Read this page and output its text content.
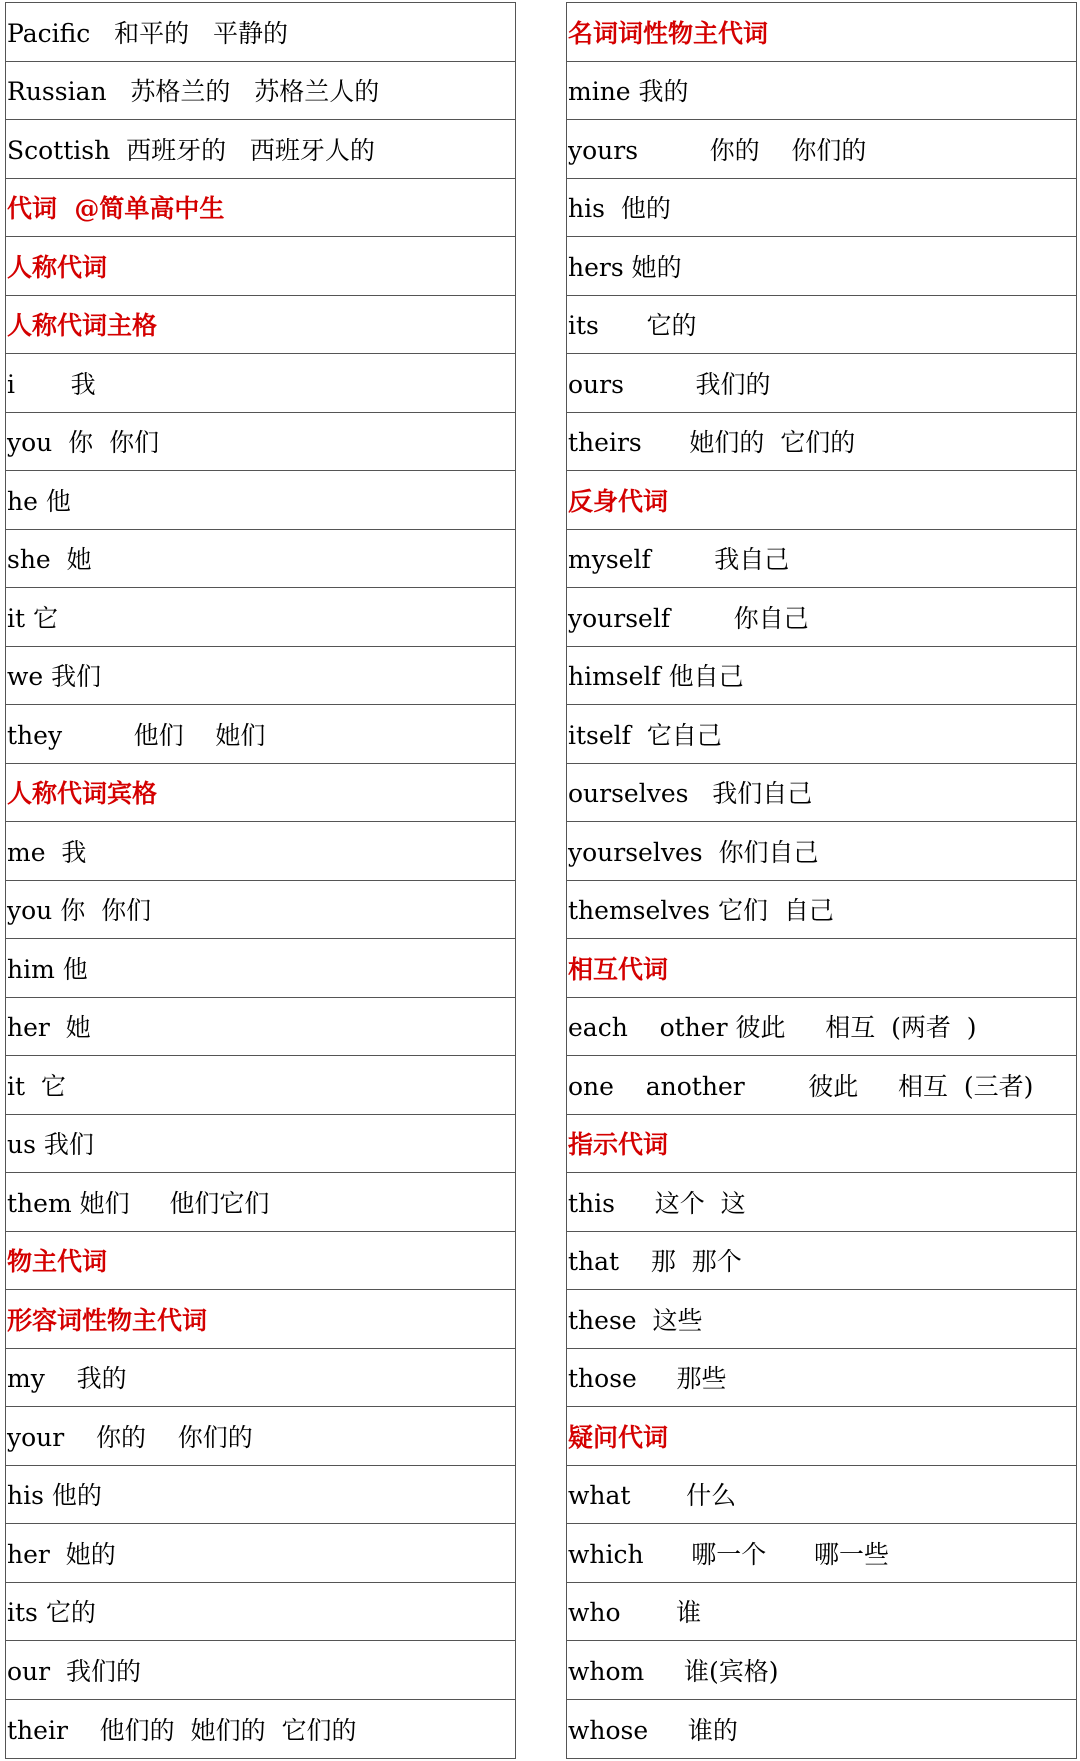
Pacific   和平的   平静的
Russian   苏格兰的   苏格兰人的
Scottish  西班牙的   西班牙人的
代词  @简单高中生
人称代词
人称代词主格
i       我
you  你  你们
he 他
she  她
it 它
we 我们
they         他们    她们
人称代词宾格
me  我
you 你  你们
him 他
her  她
it  它
us 我们
them 她们     他们它们
物主代词
形容词性物主代词
my    我的
your    你的    你们的
his 他的
her  她的
its 它的
our  我们的
their    他们的  她们的  它们的
名词词性物主代词
mine 我的
yours         你的    你们的
his  他的
hers 她的
its      它的
ours         我们的
theirs      她们的  它们的
反身代词
myself        我自己
yourself        你自己
himself 他自己
itself  它自己
ourselves   我们自己
yourselves  你们自己
themselves 它们  自己
相互代词
each    other 彼此     相互  (两者  )
one    another        彼此     相互  (三者)
指示代词
this     这个  这
that    那  那个
these  这些
those     那些
疑问代词
what       什么
which      哪一个      哪一些
who       谁
whom     谁(宾格)
whose     谁的
